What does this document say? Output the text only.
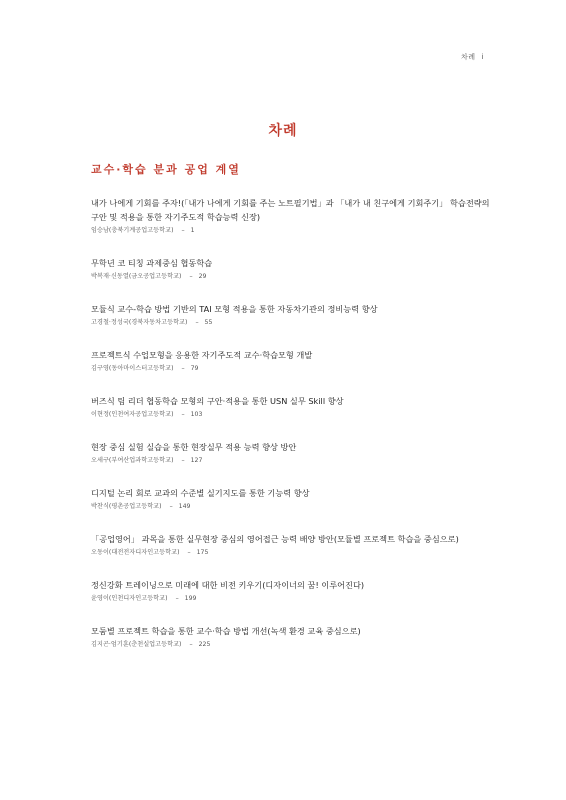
차례 i
차례
교수·학습 분과 공업 계열
내가 나에게 기회를 주자!(「내가 나에게 기회를 주는 노트필기법」과 「내가 내 친구에게 기회주기」 학습전략의 구안 및 적용을 통한 자기주도적 학습능력 신장)
임승남(충북기계공업고등학교) – 1
무학년 코 티칭 과제중심 협동학습
박복재·신동열(금오공업고등학교) – 29
모듈식 교수-학습 방법 기반의 TAI 모형 적용을 통한 자동차기관의 정비능력 향상
고경철·정성국(경북자동차고등학교) – 55
프로젝트식 수업모형을 응용한 자기주도적 교수·학습모형 개발
김구영(동아마이스터고등학교) – 79
버즈식 팀 리더 협동학습 모형의 구안·적용을 통한 USN 실무 Skill 향상
이현정(인천여자공업고등학교) – 103
현장 중심 실험 실습을 통한 현장실무 적용 능력 향상 방안
오세구(부여산업과학고등학교) – 127
디지털 논리 회로 교과의 수준별 실기지도를 통한 기능력 향상
박찬식(평촌공업고등학교) – 149
「공업영어」 과목을 통한 실무현장 중심의 영어접근 능력 배양 방안(모듈별 프로젝트 학습을 중심으로)
오동이(대전전자디자인고등학교) – 175
정신강화 트레이닝으로 미래에 대한 비전 키우기(디자이너의 꿈! 이루어진다)
윤영이(인천디자인고등학교) – 199
모둠별 프로젝트 학습을 통한 교수·학습 방법 개선(녹색 환경 교육 중심으로)
김지곤·엄기훈(춘천실업고등학교) – 225
